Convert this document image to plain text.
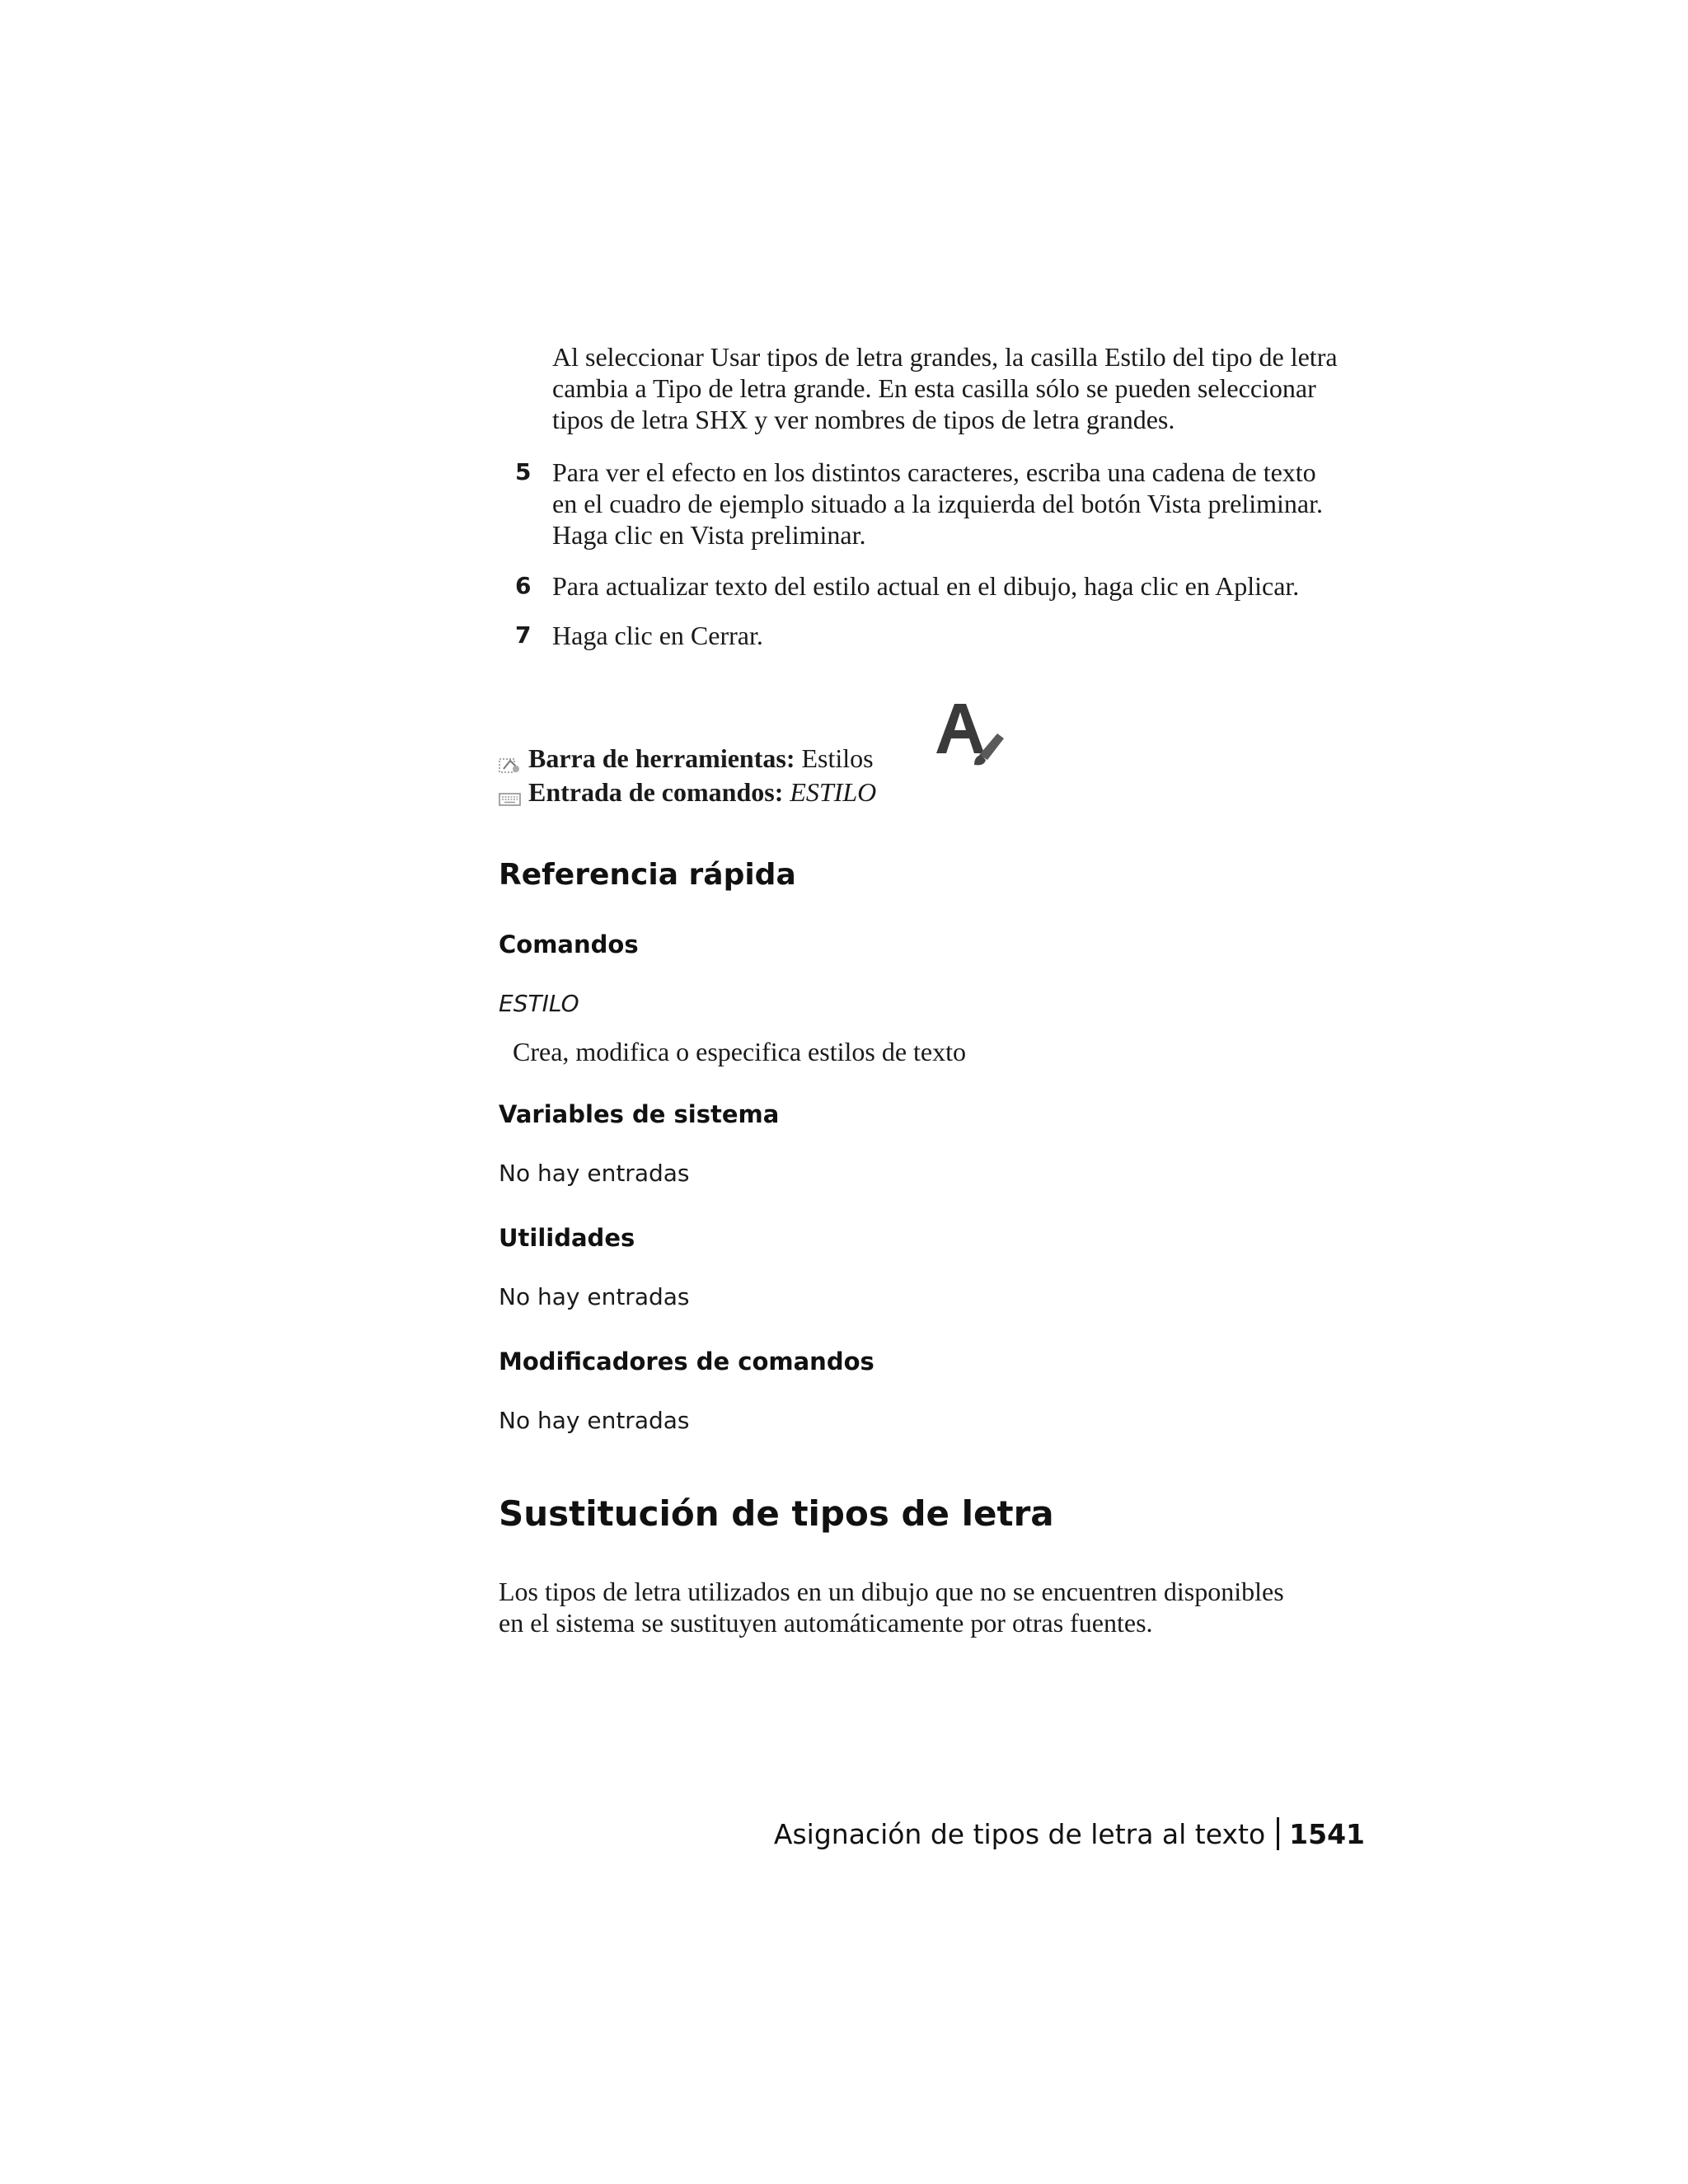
Al seleccionar Usar tipos de letra grandes, la casilla Estilo del tipo de letra
cambia a Tipo de letra grande. En esta casilla sólo se pueden seleccionar
tipos de letra SHX y ver nombres de tipos de letra grandes.
5 Para ver el efecto en los distintos caracteres, escriba una cadena de texto
en el cuadro de ejemplo situado a la izquierda del botón Vista preliminar.
Haga clic en Vista preliminar.
6 Para actualizar texto del estilo actual en el dibujo, haga clic en Aplicar.
7 Haga clic en Cerrar.
Barra de herramientas: Estilos
Entrada de comandos: ESTILO
Referencia rápida
Comandos
ESTILO
Crea, modifica o especifica estilos de texto
Variables de sistema
No hay entradas
Utilidades
No hay entradas
Modificadores de comandos
No hay entradas
Sustitución de tipos de letra
Los tipos de letra utilizados en un dibujo que no se encuentren disponibles
en el sistema se sustituyen automáticamente por otras fuentes.
Asignación de tipos de letra al texto 1541
